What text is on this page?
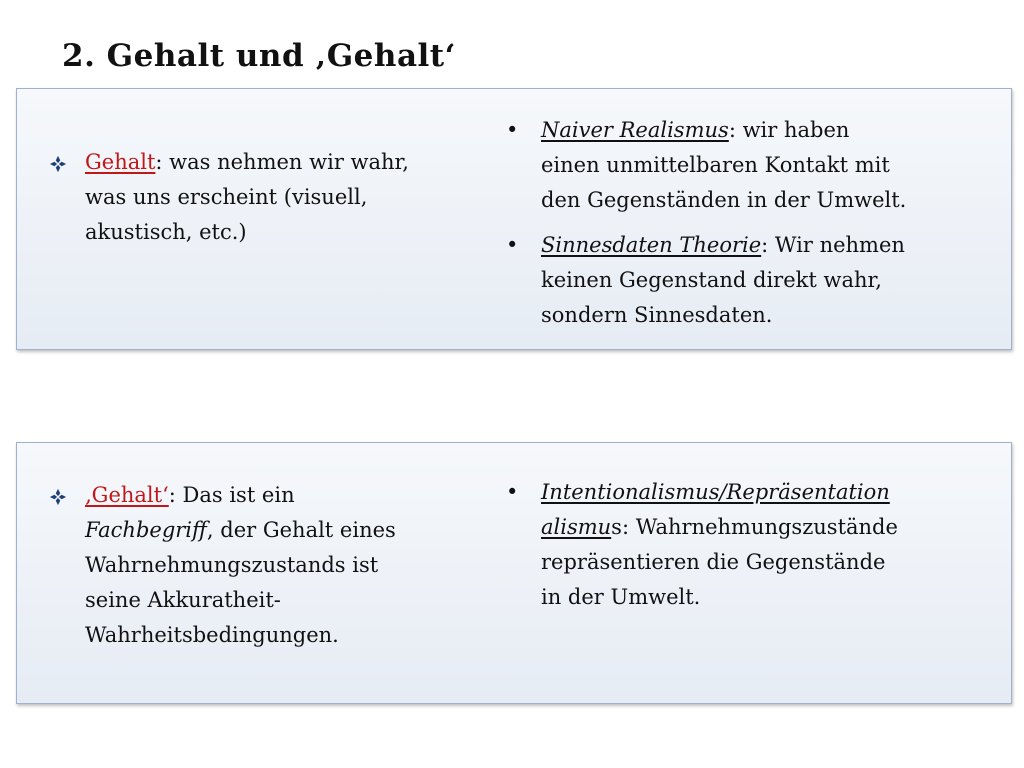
2. Gehalt und ‚Gehalt‘
Gehalt: was nehmen wir wahr,
was uns erscheint (visuell,
akustisch, etc.)
• Naiver Realismus: wir haben
einen unmittelbaren Kontakt mit
den Gegenständen in der Umwelt.
• Sinnesdaten Theorie: Wir nehmen
keinen Gegenstand direkt wahr,
sondern Sinnesdaten.
‚Gehalt‘: Das ist ein
Fachbegriff, der Gehalt eines
Wahrnehmungszustands ist
seine Akkuratheit-
Wahrheitsbedingungen.
• Intentionalismus/Repräsentation
alismus: Wahrnehmungszustände
repräsentieren die Gegenstände
in der Umwelt.
